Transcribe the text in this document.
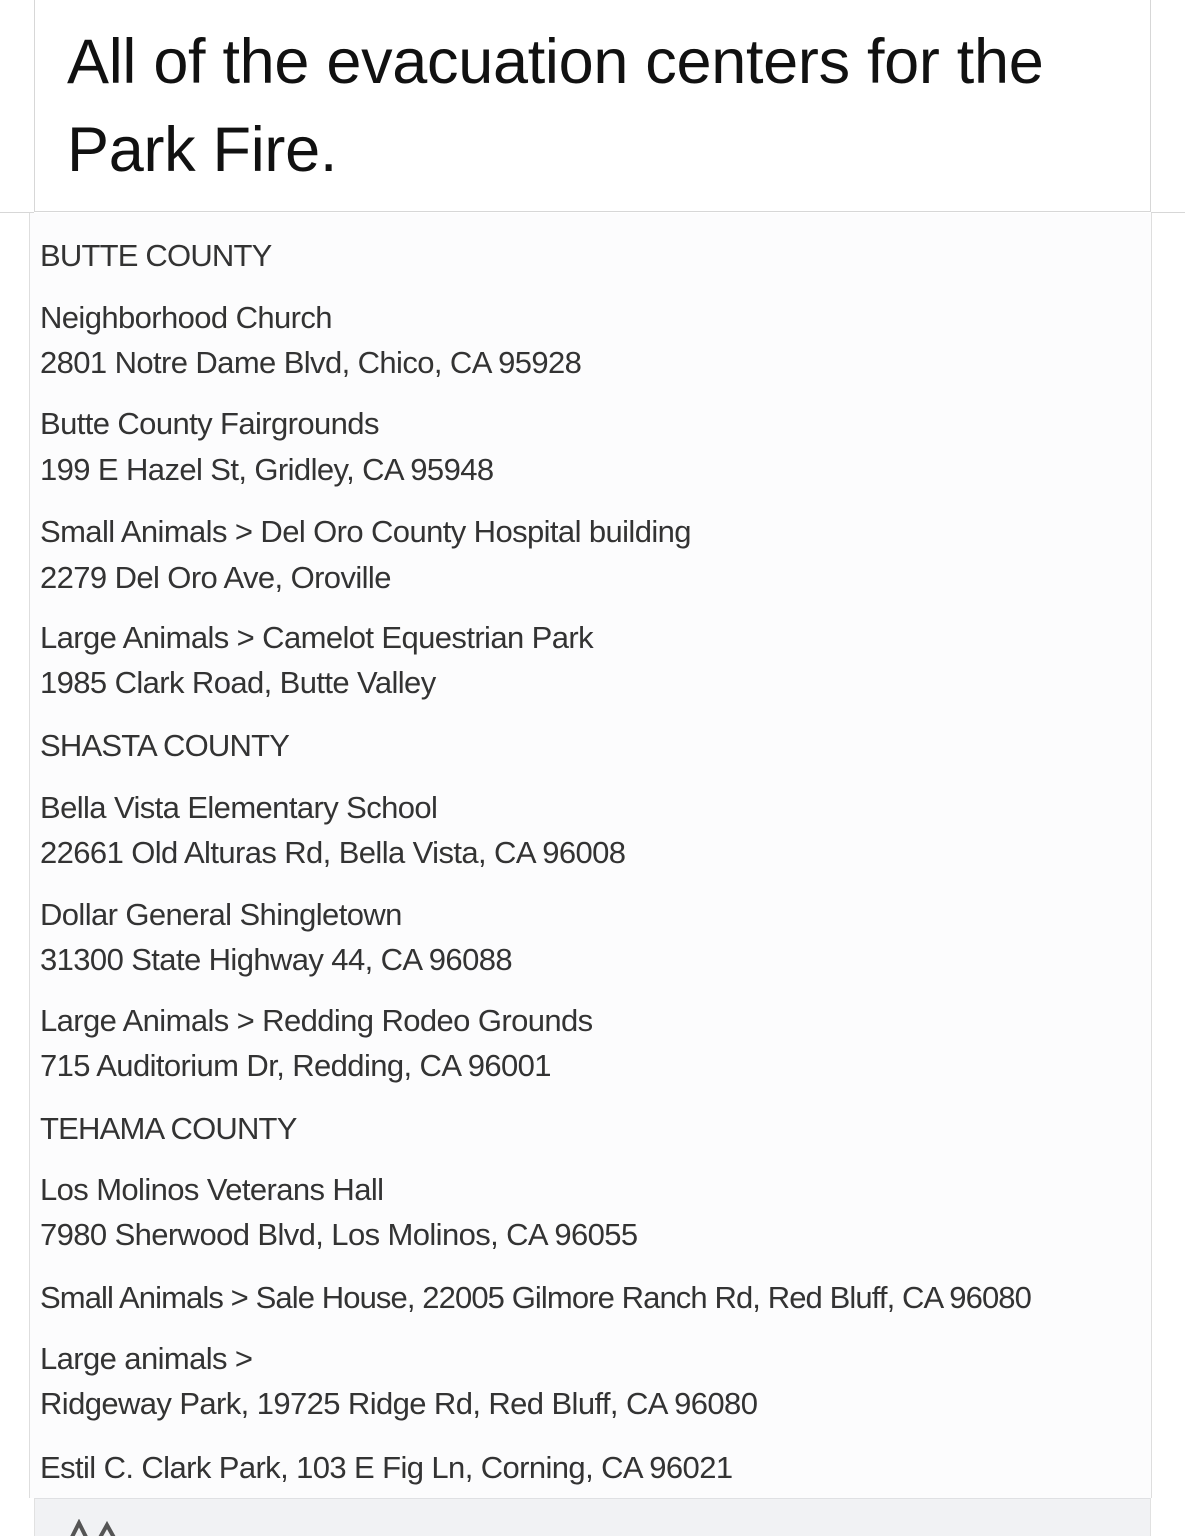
All of the evacuation centers for the Park Fire.

BUTTE COUNTY

Neighborhood Church

2801 Notre Dame Blvd, Chico, CA 95928

Butte County Fairgrounds

199 E Hazel St, Gridley, CA 95948

Small Animals > Del Oro County Hospital building

2279 Del Oro Ave, Oroville

Large Animals > Camelot Equestrian Park

1985 Clark Road, Butte Valley

SHASTA COUNTY

Bella Vista Elementary School

22661 Old Alturas Rd, Bella Vista, CA 96008

Dollar General Shingletown

31300 State Highway 44, CA 96088

Large Animals > Redding Rodeo Grounds

715 Auditorium Dr, Redding, CA 96001

TEHAMA COUNTY

Los Molinos Veterans Hall

7980 Sherwood Blvd, Los Molinos, CA 96055

Small Animals > Sale House, 22005 Gilmore Ranch Rd, Red Bluff, CA 96080

Large animals >

Ridgeway Park, 19725 Ridge Rd, Red Bluff, CA 96080

Estil C. Clark Park, 103 E Fig Ln, Corning, CA 96021
